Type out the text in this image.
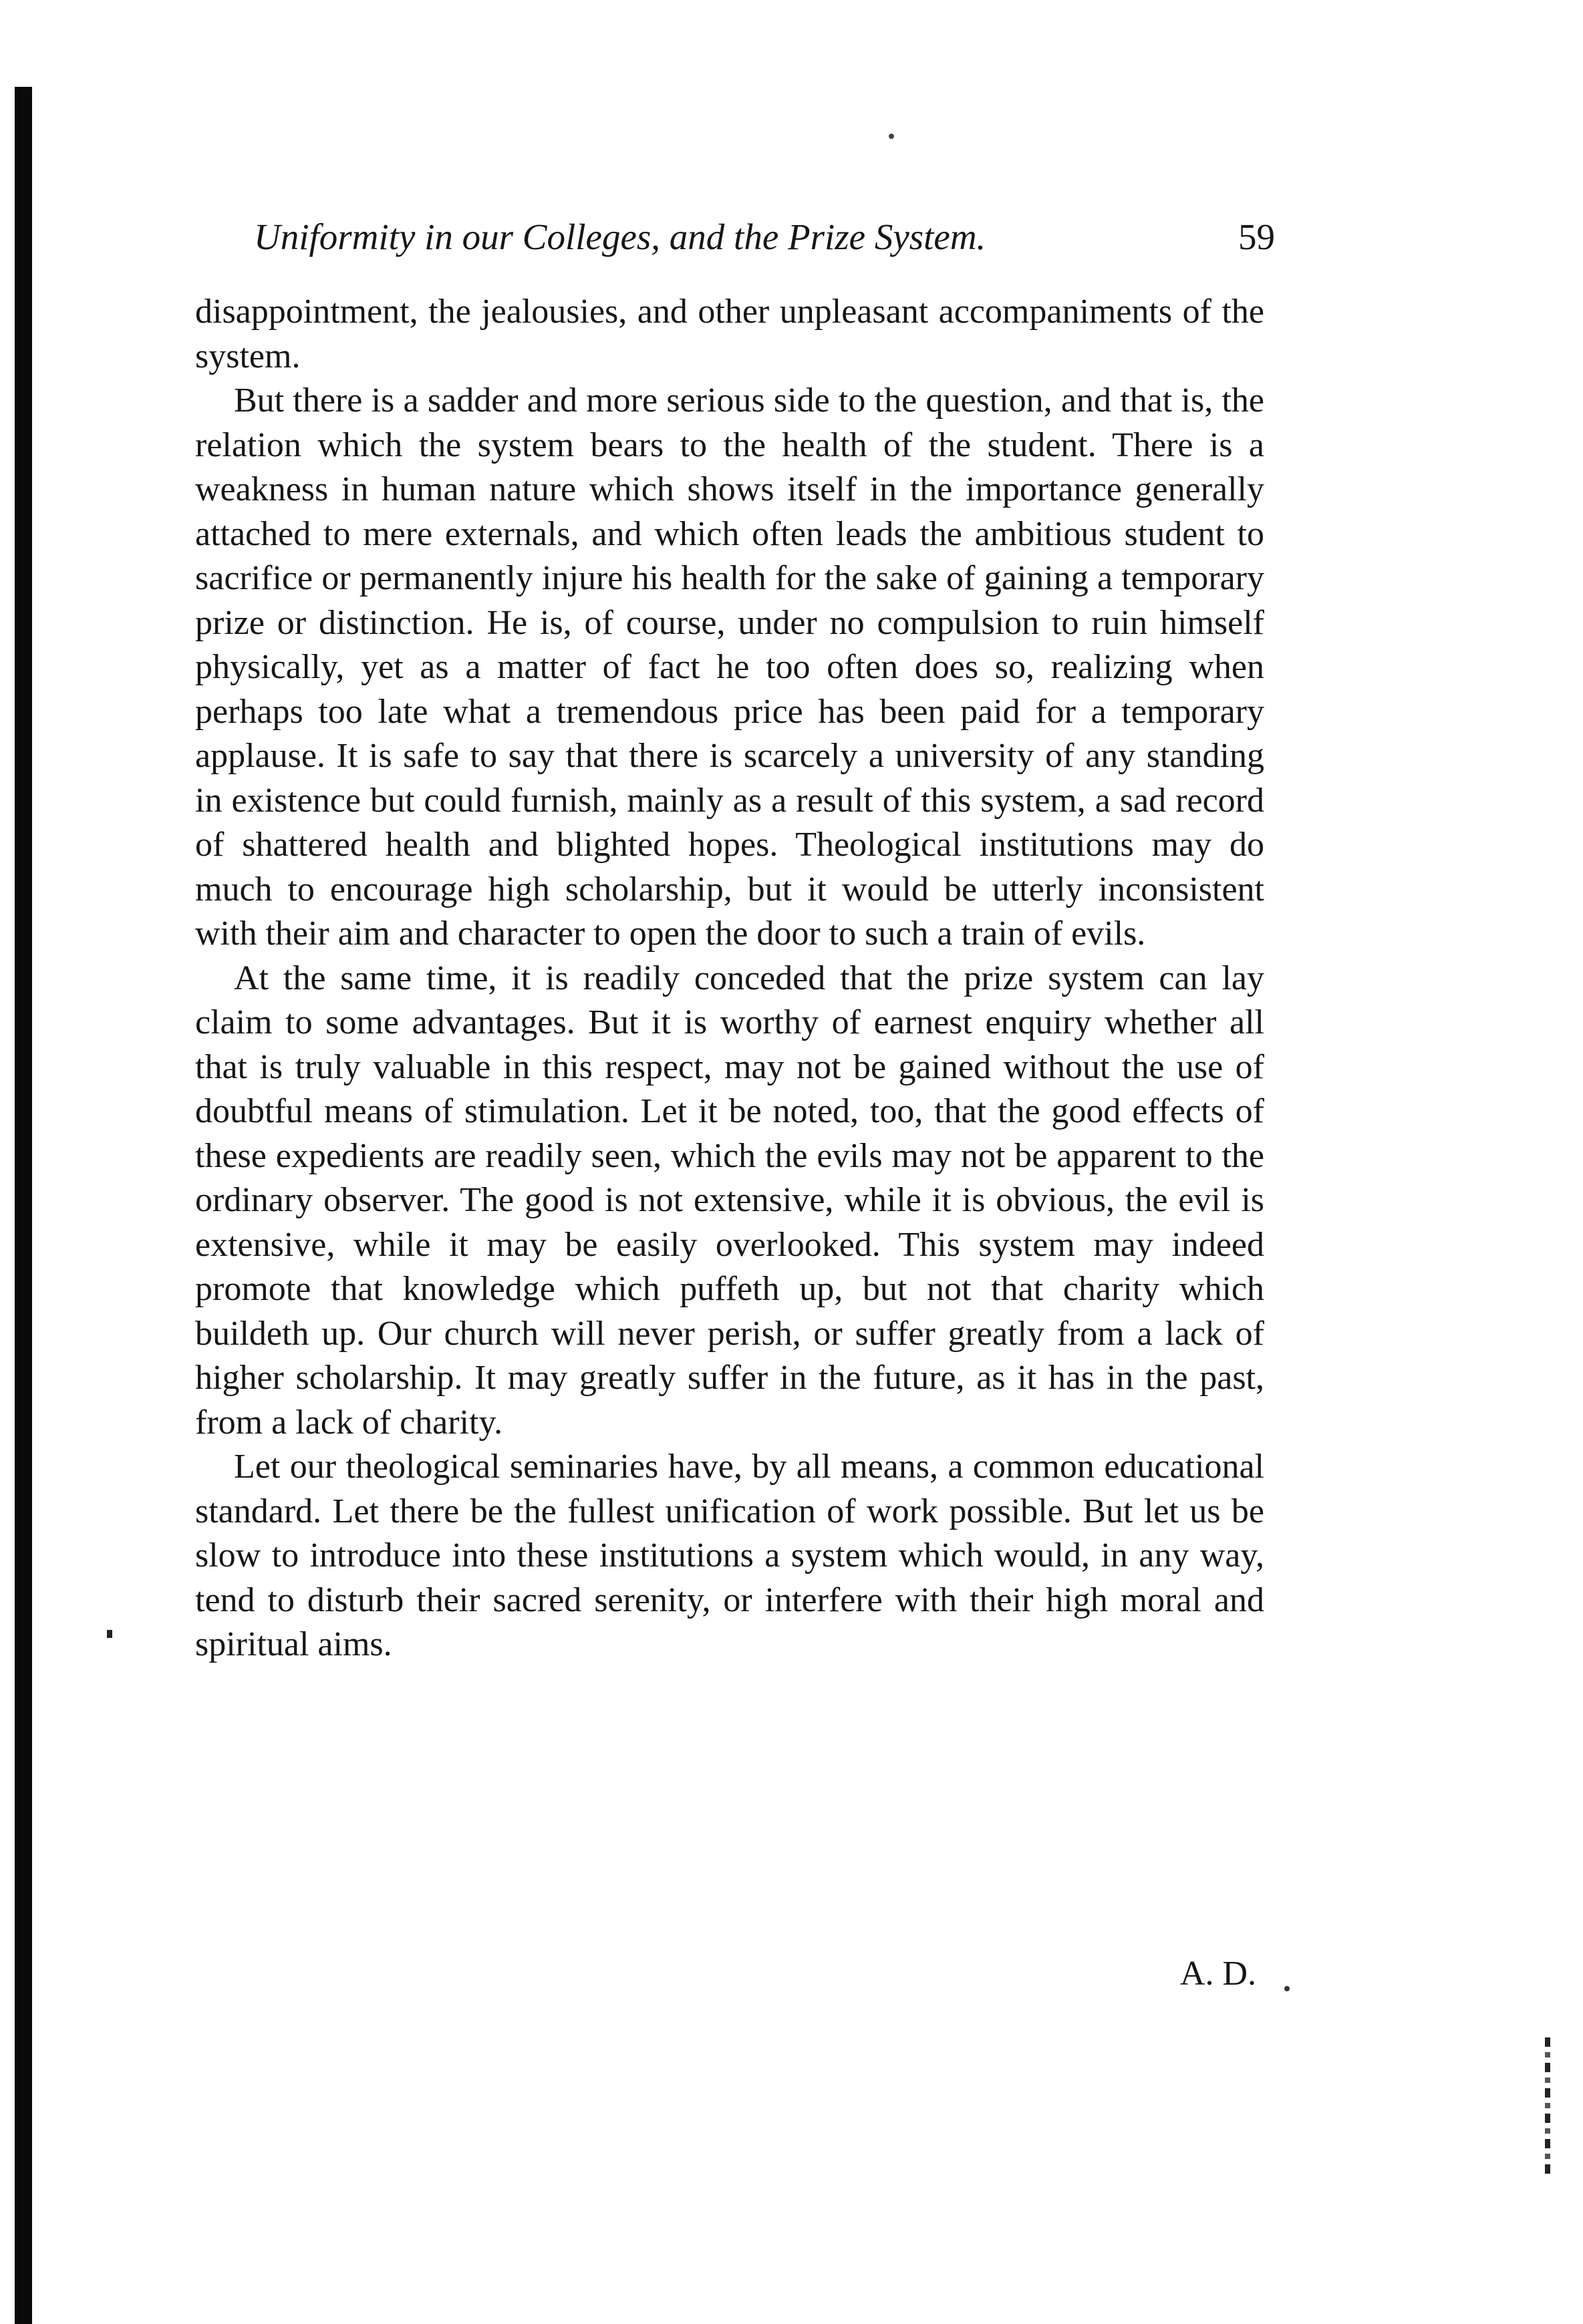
Uniformity in our Colleges, and the Prize System.	59

disappointment, the jealousies, and other unpleasant accompaniments of the system.

But there is a sadder and more serious side to the question, and that is, the relation which the system bears to the health of the student. There is a weakness in human nature which shows itself in the importance generally attached to mere externals, and which often leads the ambitious student to sacrifice or permanently injure his health for the sake of gaining a temporary prize or distinction. He is, of course, under no compulsion to ruin himself physically, yet as a matter of fact he too often does so, realizing when perhaps too late what a tremendous price has been paid for a temporary applause. It is safe to say that there is scarcely a university of any standing in existence but could furnish, mainly as a result of this system, a sad record of shattered health and blighted hopes. Theological institutions may do much to encourage high scholarship, but it would be utterly inconsistent with their aim and character to open the door to such a train of evils.

At the same time, it is readily conceded that the prize system can lay claim to some advantages. But it is worthy of earnest enquiry whether all that is truly valuable in this respect, may not be gained without the use of doubtful means of stimulation. Let it be noted, too, that the good effects of these expedients are readily seen, which the evils may not be apparent to the ordinary observer. The good is not extensive, while it is obvious, the evil is extensive, while it may be easily overlooked. This system may indeed promote that knowledge which puffeth up, but not that charity which buildeth up. Our church will never perish, or suffer greatly from a lack of higher scholarship. It may greatly suffer in the future, as it has in the past, from a lack of charity.

Let our theological seminaries have, by all means, a common educational standard. Let there be the fullest unification of work possible. But let us be slow to introduce into these institutions a system which would, in any way, tend to disturb their sacred serenity, or interfere with their high moral and spiritual aims.

A. D.
